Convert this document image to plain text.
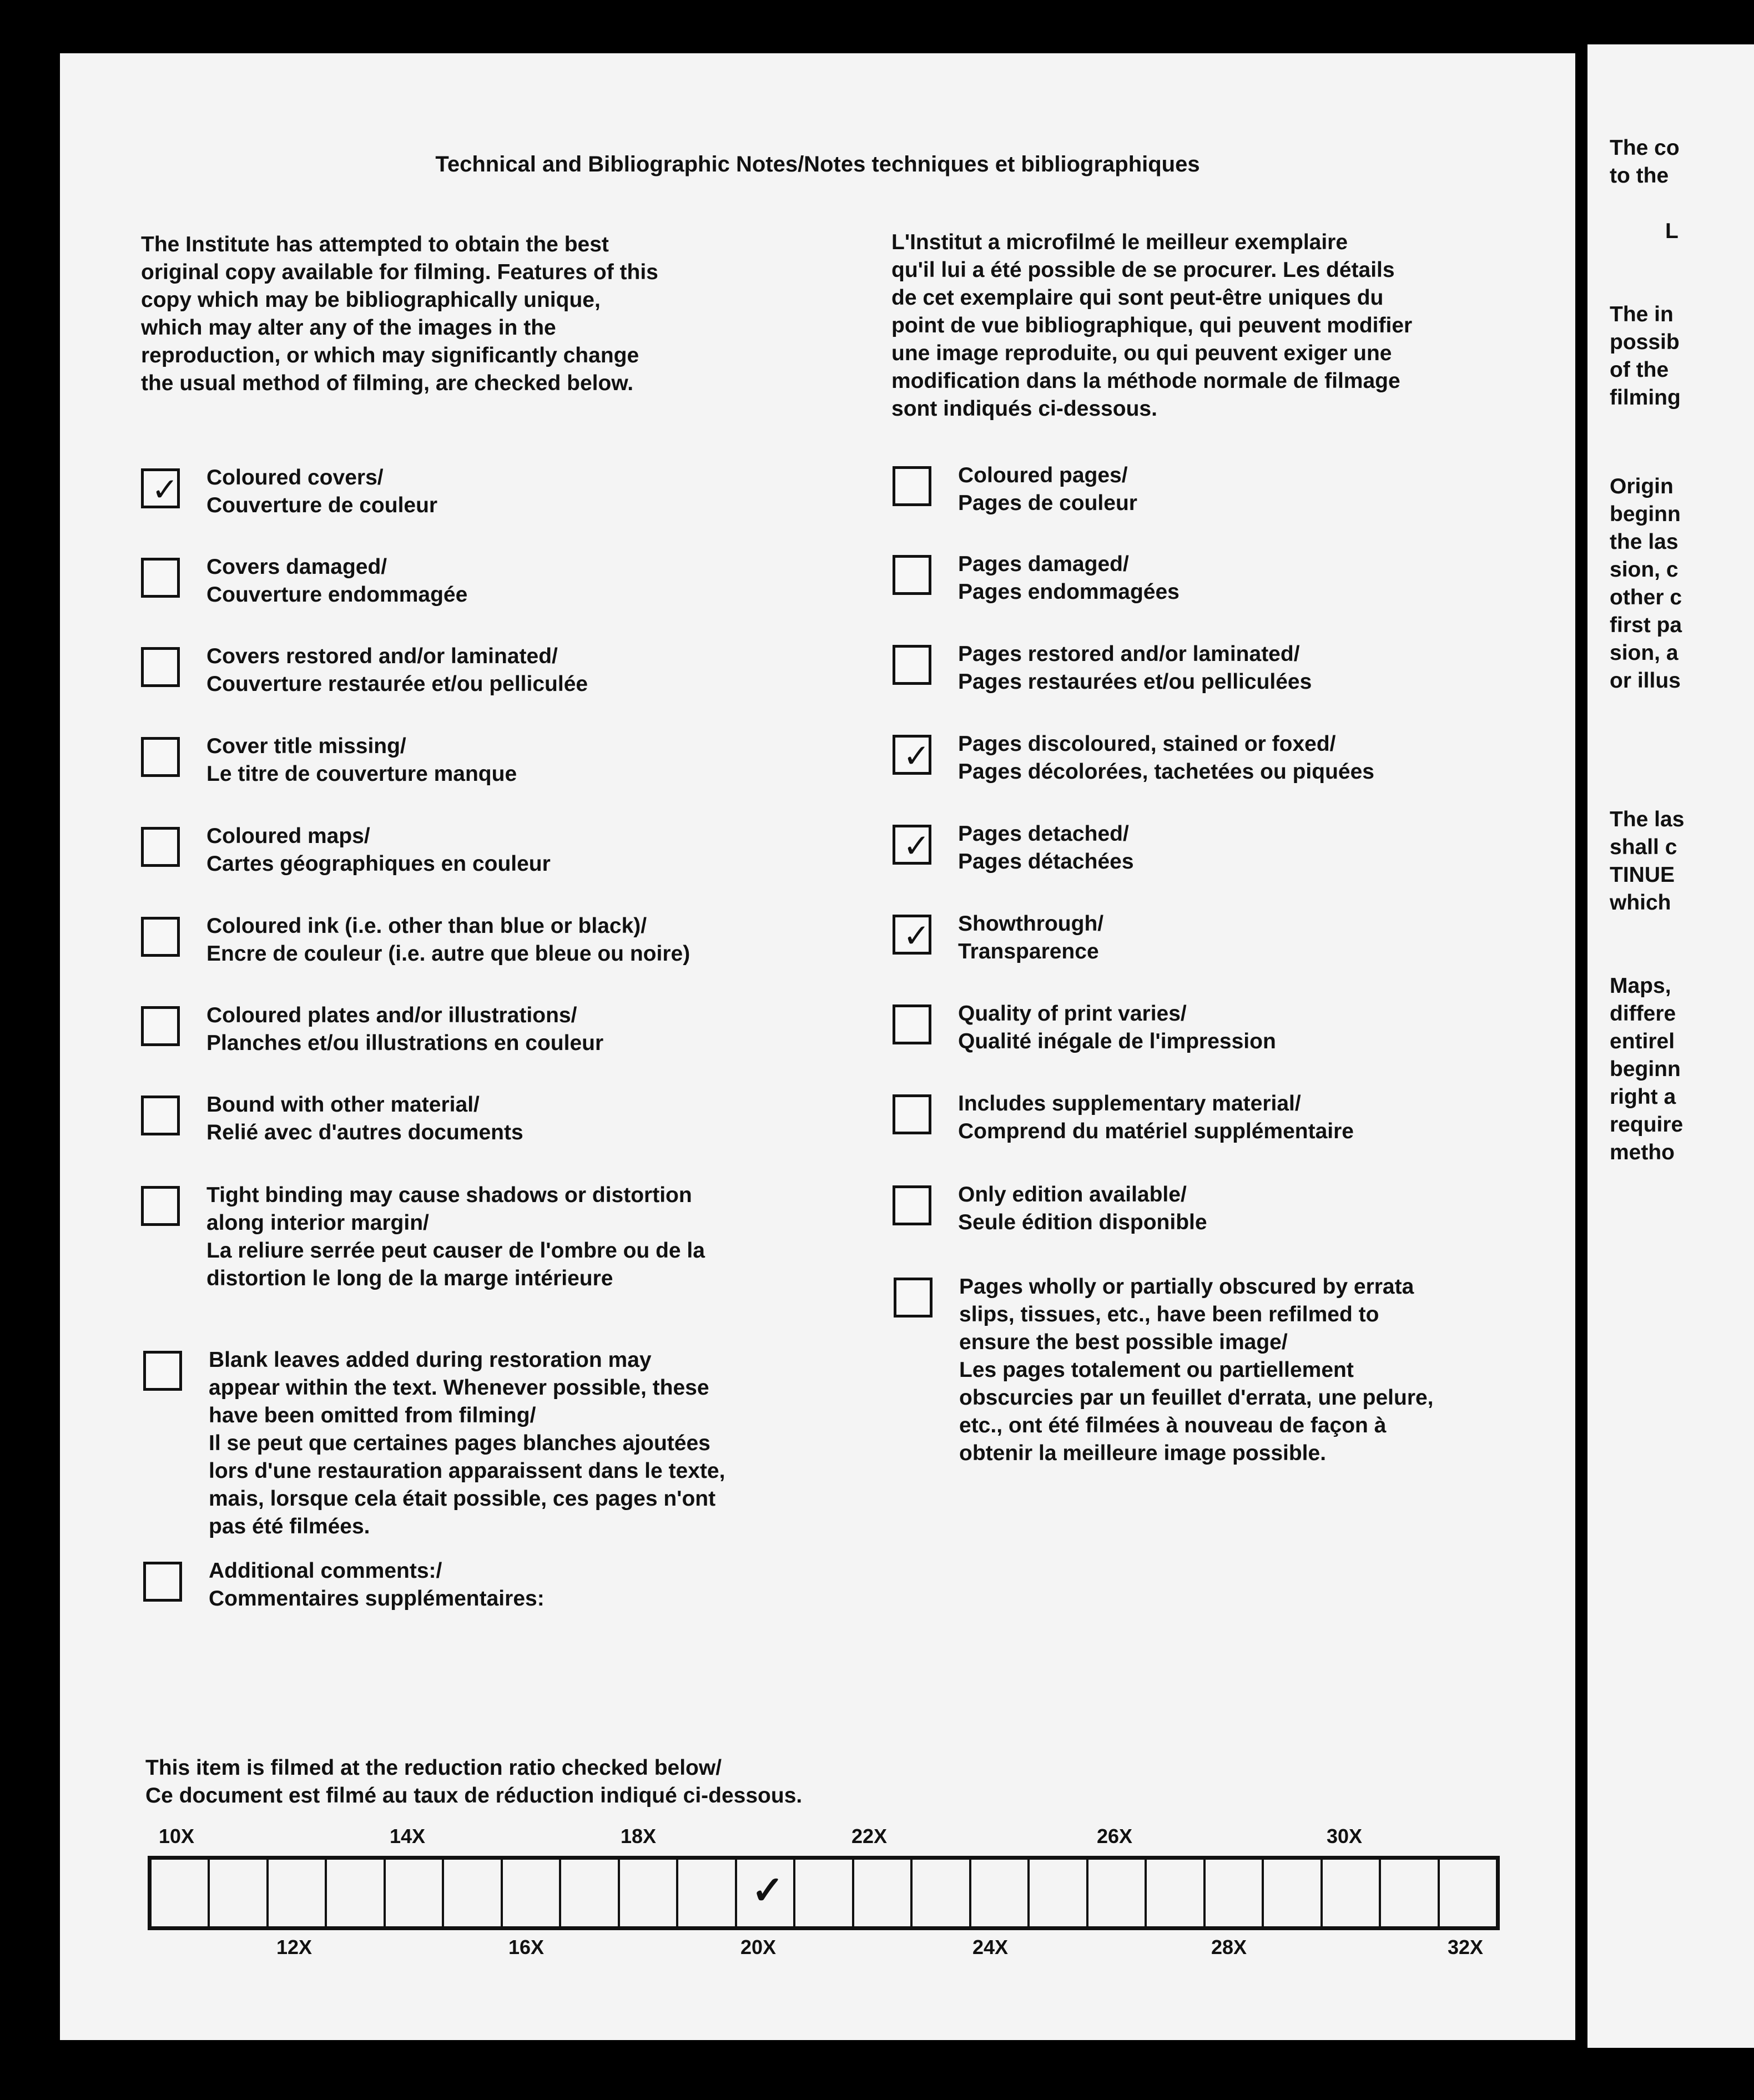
Technical and Bibliographic Notes/Notes techniques et bibliographiques
The Institute has attempted to obtain the best
original copy available for filming. Features of this
copy which may be bibliographically unique,
which may alter any of the images in the
reproduction, or which may significantly change
the usual method of filming, are checked below.
L'Institut a microfilmé le meilleur exemplaire
qu'il lui a été possible de se procurer. Les détails
de cet exemplaire qui sont peut-être uniques du
point de vue bibliographique, qui peuvent modifier
une image reproduite, ou qui peuvent exiger une
modification dans la méthode normale de filmage
sont indiqués ci-dessous.
✓ Coloured covers/
Couverture de couleur
Covers damaged/
Couverture endommagée
Covers restored and/or laminated/
Couverture restaurée et/ou pelliculée
Cover title missing/
Le titre de couverture manque
Coloured maps/
Cartes géographiques en couleur
Coloured ink (i.e. other than blue or black)/
Encre de couleur (i.e. autre que bleue ou noire)
Coloured plates and/or illustrations/
Planches et/ou illustrations en couleur
Bound with other material/
Relié avec d'autres documents
Tight binding may cause shadows or distortion
along interior margin/
La reliure serrée peut causer de l'ombre ou de la
distortion le long de la marge intérieure
Blank leaves added during restoration may
appear within the text. Whenever possible, these
have been omitted from filming/
Il se peut que certaines pages blanches ajoutées
lors d'une restauration apparaissent dans le texte,
mais, lorsque cela était possible, ces pages n'ont
pas été filmées.
Additional comments:/
Commentaires supplémentaires:
Coloured pages/
Pages de couleur
Pages damaged/
Pages endommagées
Pages restored and/or laminated/
Pages restaurées et/ou pelliculées
✓ Pages discoloured, stained or foxed/
Pages décolorées, tachetées ou piquées
✓ Pages detached/
Pages détachées
✓ Showthrough/
Transparence
Quality of print varies/
Qualité inégale de l'impression
Includes supplementary material/
Comprend du matériel supplémentaire
Only edition available/
Seule édition disponible
Pages wholly or partially obscured by errata
slips, tissues, etc., have been refilmed to
ensure the best possible image/
Les pages totalement ou partiellement
obscurcies par un feuillet d'errata, une pelure,
etc., ont été filmées à nouveau de façon à
obtenir la meilleure image possible.
This item is filmed at the reduction ratio checked below/
Ce document est filmé au taux de réduction indiqué ci-dessous.
10X	14X	18X	22X	26X	30X
12X	16X	20X	24X	28X	32X
✓
The co
to the
L
The in
possib
of the
filming
Origin
beginn
the las
sion, c
other c
first pa
sion, a
or illus
The las
shall c
TINUE
which
Maps,
differe
entirel
beginn
right a
require
metho
